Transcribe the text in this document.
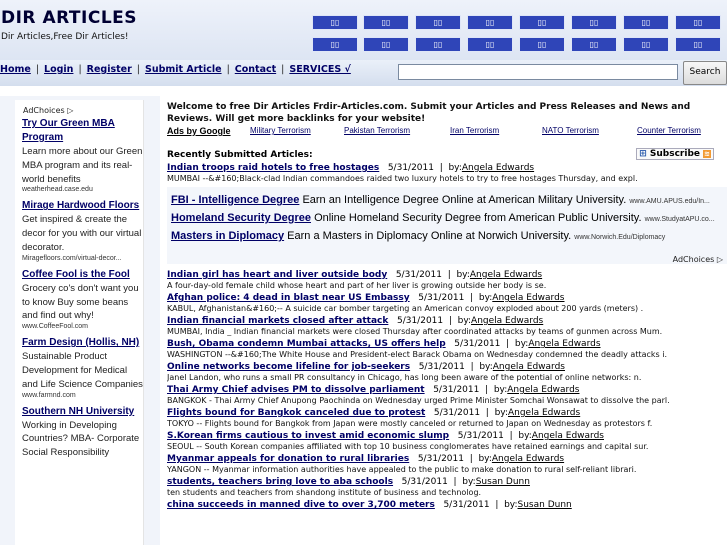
DIR ARTICLES
Dir Articles,Free Dir Articles!
▯▯	▯▯	▯▯	▯▯	▯▯	▯▯	▯▯	▯▯
▯▯	▯▯	▯▯	▯▯	▯▯	▯▯	▯▯	▯▯
Home | Login | Register | Submit Article | Contact | SERVICES √	Search
AdChoices ▷
Try Our Green MBA Program
Learn more about our Green MBA program and its real-world benefits
weatherhead.case.edu
Mirage Hardwood Floors
Get inspired & create the decor for you with our virtual decorator.
Miragefloors.com/virtual-decor...
Coffee Fool is the Fool
Grocery co's don't want you to know Buy some beans and find out why!
www.CoffeeFool.com
Farm Design (Hollis, NH)
Sustainable Product Development for Medical and Life Science Companies
www.farmnd.com
Southern NH University
Working in Developing Countries? MBA- Corporate Social Responsibility
Welcome to free Dir Articles Frdir-Articles.com. Submit your Articles and Press Releases and News and Reviews. Will get more backlinks for your website!
Ads by Google Military Terrorism	Pakistan Terrorism	Iran Terrorism	NATO Terrorism	Counter Terrorism
Recently Submitted Articles:	⊞ Subscribe ≋
Indian troops raid hotels to free hostages 5/31/2011  |  by:Angela Edwards
MUMBAI --&#160;Black-clad Indian commandoes raided two luxury hotels to try to free hostages Thursday, and expl.
FBI - Intelligence Degree Earn an Intelligence Degree Online at American Military University. www.AMU.APUS.edu/In...
Homeland Security Degree Online Homeland Security Degree from American Public University. www.StudyatAPU.co...
Masters in Diplomacy Earn a Masters in Diplomacy Online at Norwich University. www.Norwich.Edu/Diplomacy
AdChoices ▷
Indian girl has heart and liver outside body 5/31/2011  |  by:Angela Edwards
A four-day-old female child whose heart and part of her liver is growing outside her body is se.
Afghan police: 4 dead in blast near US Embassy 5/31/2011  |  by:Angela Edwards
KABUL, Afghanistan&#160;-- A suicide car bomber targeting an American convoy exploded about 200 yards (meters) .
Indian financial markets closed after attack 5/31/2011  |  by:Angela Edwards
MUMBAI, India _ Indian financial markets were closed Thursday after coordinated attacks by teams of gunmen across Mum.
Bush, Obama condemn Mumbai attacks, US offers help 5/31/2011  |  by:Angela Edwards
WASHINGTON --&#160;The White House and President-elect Barack Obama on Wednesday condemned the deadly attacks i.
Online networks become lifeline for job-seekers 5/31/2011  |  by:Angela Edwards
Janel Landon, who runs a small PR consultancy in Chicago, has long been aware of the potential of online networks: n.
Thai Army Chief advises PM to dissolve parliament 5/31/2011  |  by:Angela Edwards
BANGKOK - Thai Army Chief Anupong Paochinda on Wednesday urged Prime Minister Somchai Wonsawat to dissolve the parl.
Flights bound for Bangkok canceled due to protest 5/31/2011  |  by:Angela Edwards
TOKYO -- Flights bound for Bangkok from Japan were mostly canceled or returned to Japan on Wednesday as protestors f.
S.Korean firms cautious to invest amid economic slump 5/31/2011  |  by:Angela Edwards
SEOUL -- South Korean companies affiliated with top 10 business conglomerates have retained earnings and capital sur.
Myanmar appeals for donation to rural libraries 5/31/2011  |  by:Angela Edwards
YANGON -- Myanmar information authorities have appealed to the public to make donation to rural self-reliant librari.
students, teachers bring love to aba schools 5/31/2011  |  by:Susan Dunn
ten students and teachers from shandong institute of business and technolog.
china succeeds in manned dive to over 3,700 meters 5/31/2011  |  by:Susan Dunn
